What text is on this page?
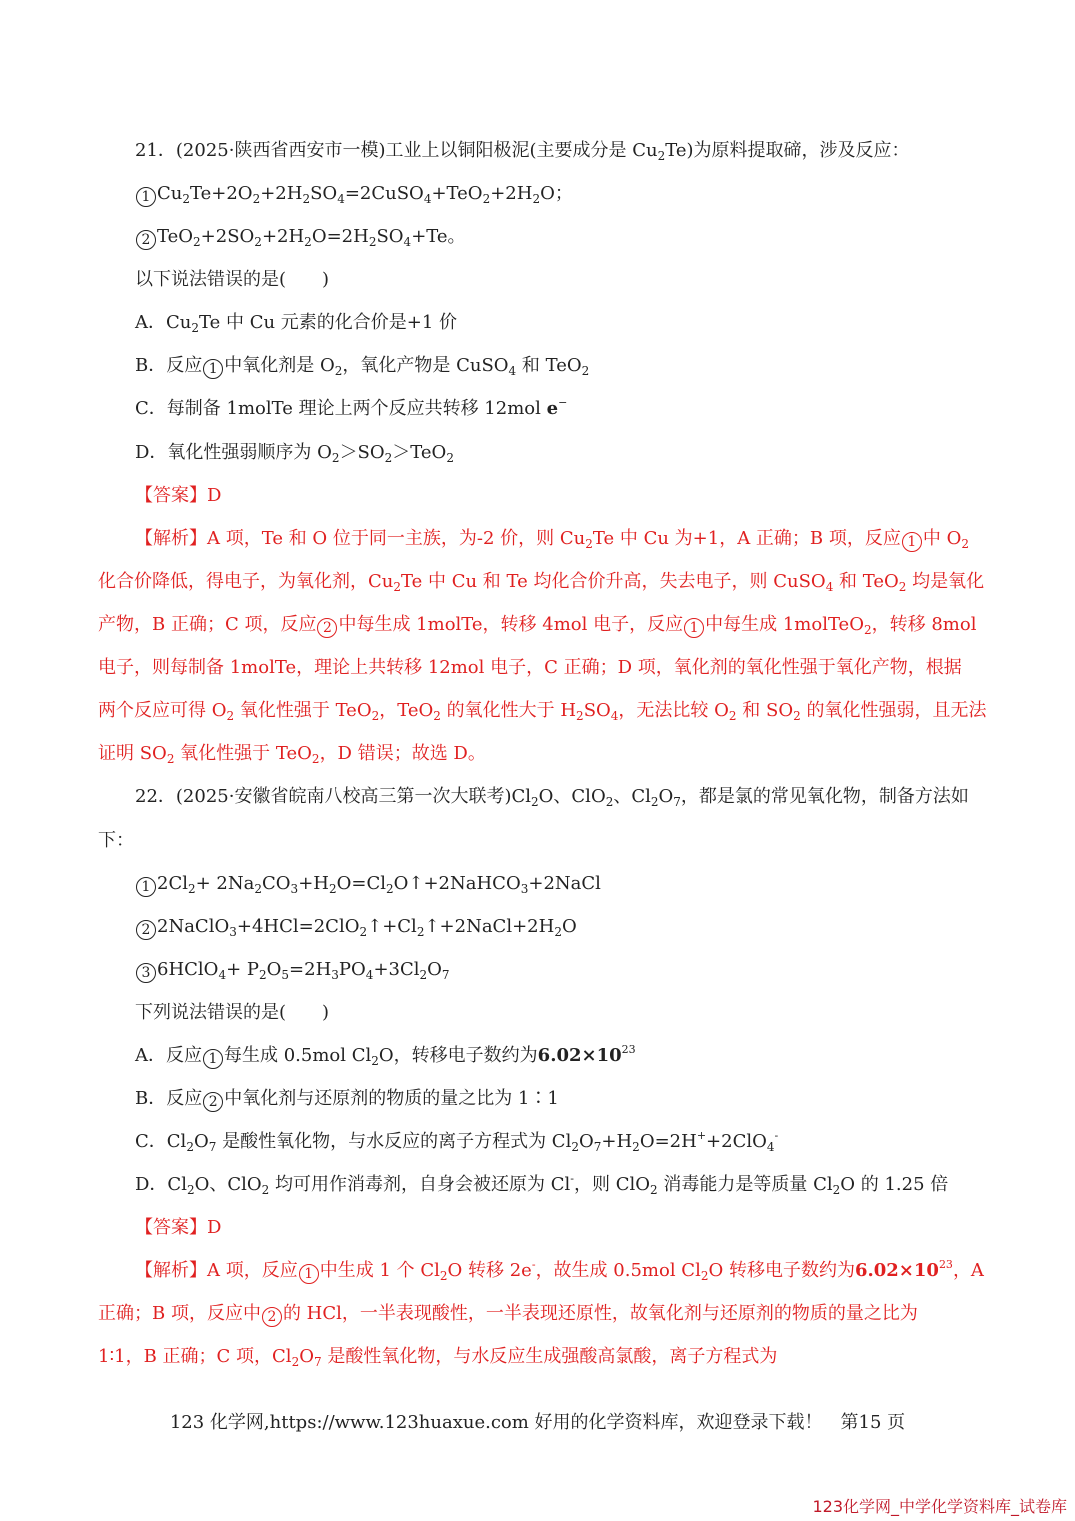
21．(2025·陕西省西安市一模)工业上以铜阳极泥(主要成分是 $Cu_2Te$)为原料提取碲，涉及反应：
1 $Cu_2Te+2O_2+2H_2SO_4=2CuSO_4+TeO_2+2H_2O$；
2 $TeO_2+2SO_2+2H_2O=2H_2SO_4+Te$。
以下说法错误的是(　　)
A．$Cu_2Te$ 中 Cu 元素的化合价是+1 价
B．反应 1 中氧化剂是 $O_2$，氧化产物是 CuSO$_4$ 和 TeO$_2$
C．每制备 1molTe 理论上两个反应共转移 12mol e−
D．氧化性强弱顺序为 $O_2>SO_2>TeO_2$
【答案】D
【解析】A 项，Te 和 O 位于同一主族，为-2 价，则 $Cu_2Te$ 中 Cu 为+1，A 正确；B 项，反应 1 中 $O_2$
化合价降低，得电子，为氧化剂，$Cu_2Te$ 中 Cu 和 Te 均化合价升高，失去电子，则 CuSO$_4$ 和 TeO$_2$ 均是氧化
产物，B 正确；C 项，反应 2 中每生成 1molTe，转移 4mol 电子，反应 1 中每生成 1molTeO$_2$，转移 8mol
电子，则每制备 1molTe，理论上共转移 12mol 电子，C 正确；D 项，氧化剂的氧化性强于氧化产物，根据
两个反应可得 $O_2$ 氧化性强于 TeO$_2$，TeO$_2$ 的氧化性大于 $H_2SO_4$，无法比较 $O_2$ 和 $SO_2$ 的氧化性强弱，且无法
证明 $SO_2$ 氧化性强于 TeO$_2$，D 错误；故选 D。
22．(2025·安徽省皖南八校高三第一次大联考)$Cl_2O$、ClO$_2$、$Cl_2O_7$，都是氯的常见氧化物，制备方法如
下：
1 $2Cl_2+$ $2Na_2CO_3+H_2O=Cl_2O↑+2NaHCO_3+2NaCl$
2 $2NaClO_3+4HCl=2ClO_2↑+Cl_2↑+2NaCl+2H_2O$
3 6HClO$_4$+ $P_2O_5=2H_3PO_4+3Cl_2O_7$
下列说法错误的是(　　)
A．反应 1 每生成 0.5mol $Cl_2O$，转移电子数约为$6.02\times 10^{23}$
B．反应 2 中氧化剂与还原剂的物质的量之比为 1∶1
C．$Cl_2O_7$ 是酸性氧化物，与水反应的离子方程式为 $Cl_2O_7+H_2O=2H^++2ClO_4^-$
D．$Cl_2O$、ClO$_2$ 均可用作消毒剂，自身会被还原为 Cl-，则 ClO$_2$ 消毒能力是等质量 $Cl_2O$ 的 1.25 倍
【答案】D
【解析】A 项，反应 1 中生成 1 个 $Cl_2O$ 转移 2e-，故生成 0.5mol $Cl_2O$ 转移电子数约为$6.02\times 10^{23}$，A
正确；B 项，反应中 2 的 HCl，一半表现酸性，一半表现还原性，故氧化剂与还原剂的物质的量之比为
1∶1，B 正确；C 项，$Cl_2O_7$ 是酸性氧化物，与水反应生成强酸高氯酸，离子方程式为
123 化学网,https://www.123huaxue.com 好用的化学资料库，欢迎登录下载！　第15 页
123化学网_中学化学资料库_试卷库
